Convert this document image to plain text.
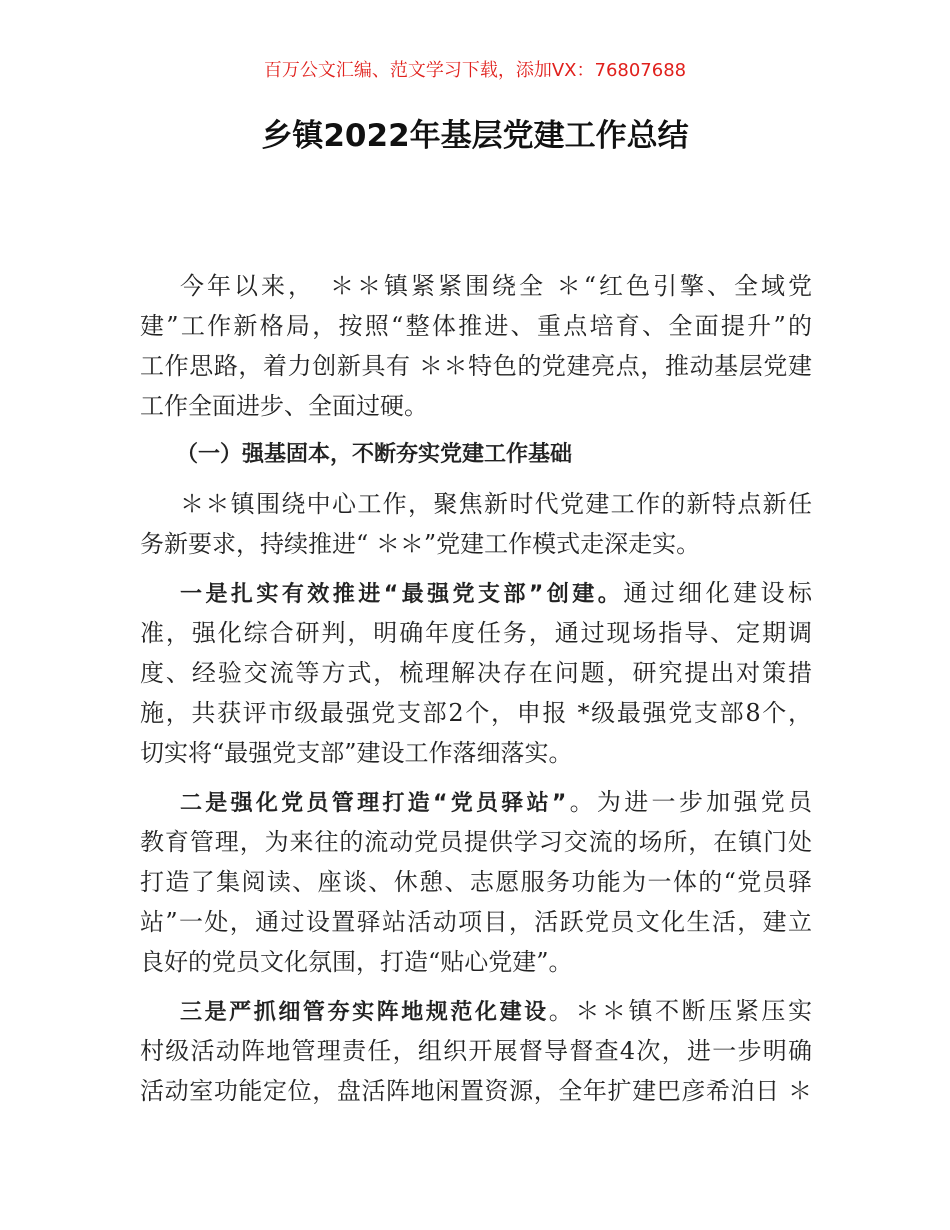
百万公文汇编、范文学习下载，添加VX：76807688
乡镇2022年基层党建工作总结
今年以来，　＊＊镇紧紧围绕全 ＊“红色引擎、全域党
建”工作新格局，按照“整体推进、重点培育、全面提升”的
工作思路，着力创新具有 ＊＊特色的党建亮点，推动基层党建
工作全面进步、全面过硬。
（一）强基固本，不断夯实党建工作基础
＊＊镇围绕中心工作，聚焦新时代党建工作的新特点新任
务新要求，持续推进“ ＊＊”党建工作模式走深走实。
一是扎实有效推进“最强党支部”创建。通过细化建设标
准，强化综合研判，明确年度任务，通过现场指导、定期调
度、经验交流等方式，梳理解决存在问题，研究提出对策措
施，共获评市级最强党支部2个，申报 *级最强党支部8个，
切实将“最强党支部”建设工作落细落实。
二是强化党员管理打造“党员驿站”。为进一步加强党员
教育管理，为来往的流动党员提供学习交流的场所，在镇门处
打造了集阅读、座谈、休憩、志愿服务功能为一体的“党员驿
站”一处，通过设置驿站活动项目，活跃党员文化生活，建立
良好的党员文化氛围，打造“贴心党建”。
三是严抓细管夯实阵地规范化建设。＊＊镇不断压紧压实
村级活动阵地管理责任，组织开展督导督查4次，进一步明确
活动室功能定位，盘活阵地闲置资源，全年扩建巴彦希泊日 ＊
